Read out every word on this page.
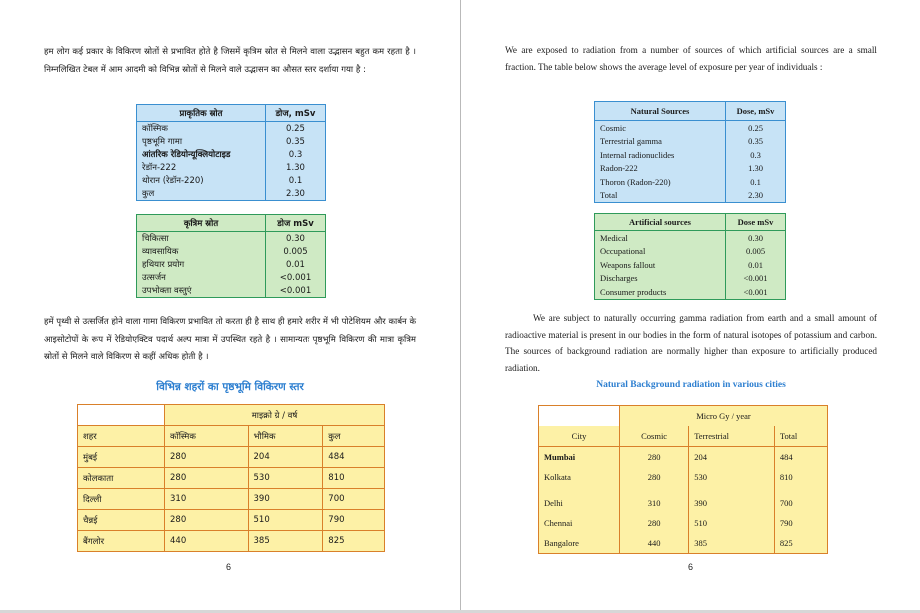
हम लोग कई प्रकार के विकिरण स्रोतों से प्रभावित होते है जिसमें कृत्रिम स्रोत से मिलने वाला उद्भासन बहुत कम रहता है । निम्नलिखित टेबल में आम आदमी को विभिन्न स्रोतों से मिलने वाले उद्भासन का औसत स्तर दर्शाया गया है :
प्राकृतिक स्रोत	डोज, mSv
कॉस्मिक	0.25
पृष्ठभूमि गामा	0.35
आंतरिक रेडियोन्यूक्लियोटाइड	0.3
रेडॉन-222	1.30
थोरान (रेडॉन-220)	0.1
कुल	2.30
कृत्रिम स्रोत	डोज mSv
चिकित्सा	0.30
व्यावसायिक	0.005
हथियार प्रयोग	0.01
उत्सर्जन	<0.001
उपभोक्ता वस्तुएं	<0.001
हमें पृथ्वी से उत्सर्जित होने वाला गामा विकिरण प्रभावित तो करता ही है साथ ही हमारे शरीर में भी पोटेशियम और कार्बन के आइसोटोपों के रूप में रेडियोएक्टिव पदार्थ अल्प मात्रा में उपस्थित रहते है । सामान्यतः पृष्ठभूमि विकिरण की मात्रा कृत्रिम स्रोतों से मिलने वाले विकिरण से कहीं अधिक होती है ।
विभिन्न शहरों का पृष्ठभूमि विकिरण स्तर
	माइक्रो ग्रे / वर्ष		
शहर	कॉस्मिक	भौमिक	कुल
मुंबई	280	204	484
कोलकाता	280	530	810
दिल्ली	310	390	700
चैन्नई	280	510	790
बैंगलोर	440	385	825
6
We are exposed to radiation from a number of sources of which artificial sources are a small fraction. The table below shows the average level of exposure per year of individuals :
Natural Sources	Dose, mSv
Cosmic	0.25
Terrestrial gamma	0.35
Internal radionuclides	0.3
Radon-222	1.30
Thoron (Radon-220)	0.1
Total	2.30
Artificial sources	Dose mSv
Medical	0.30
Occupational	0.005
Weapons fallout	0.01
Discharges	<0.001
Consumer products	<0.001
We are subject to naturally occurring gamma radiation from earth and a small amount of radioactive material is present in our bodies in the form of natural isotopes of potassium and carbon. The sources of background radiation are normally higher than exposure to artificially produced radiation.
Natural Background radiation in various cities
	Micro Gy / year		
City	Cosmic	Terrestrial	Total
Mumbai	280	204	484
Kolkata	280	530	810
Delhi	310	390	700
Chennai	280	510	790
Bangalore	440	385	825
6
